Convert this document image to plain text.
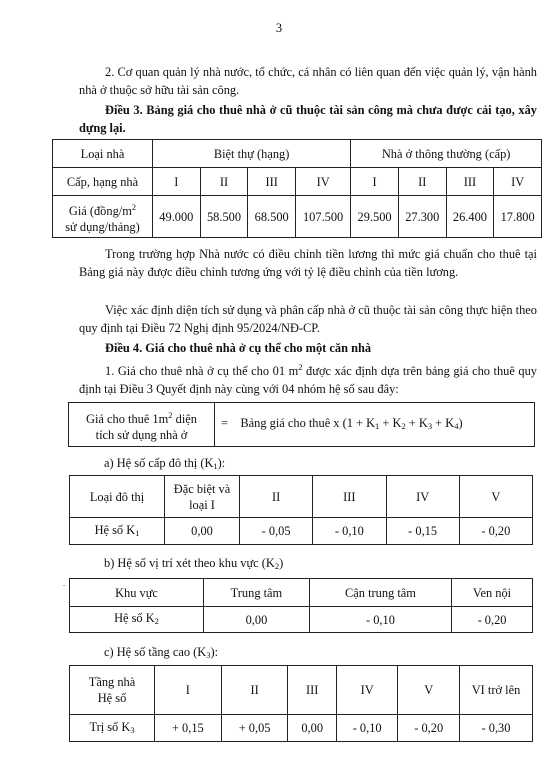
3

2. Cơ quan quản lý nhà nước, tổ chức, cá nhân có liên quan đến việc quản lý, vận hành nhà ở thuộc sở hữu tài sản công.

Điều 3. Bảng giá cho thuê nhà ở cũ thuộc tài sản công mà chưa được cải tạo, xây dựng lại.

Loại nhà	Biệt thự (hạng)				Nhà ở thông thường (cấp)			
Cấp, hạng nhà	I	II	III	IV	I	II	III	IV
Giá ($đồng/m^2$
sử dụng/tháng)	49.000	58.500	68.500	107.500	29.500	27.300	26.400	17.800

Trong trường hợp Nhà nước có điều chỉnh tiền lương thì mức giá chuẩn cho thuê tại Bảng giá này được điều chỉnh tương ứng với tỷ lệ điều chỉnh của tiền lương.

Việc xác định diện tích sử dụng và phân cấp nhà ở cũ thuộc tài sản công thực hiện theo quy định tại Điều 72 Nghị định 95/2024/NĐ-CP.

Điều 4. Giá cho thuê nhà ở cụ thể cho một căn nhà

1. Giá cho thuê nhà ở cụ thể cho 01 $m^2$ được xác định dựa trên bảng giá cho thuê quy định tại Điều 3 Quyết định này cùng với 04 nhóm hệ số sau đây:

Giá cho thuê $1m^2$ diện
tích sử dụng nhà ở	= Bảng giá cho thuê x $(1 + K_1 + K_2 + K_3 + K_4)$

a) Hệ số cấp đô thị $(K_1)$:

Loại đô thị	Đặc biệt và loại I	II	III	IV	V
Hệ số $K_1$	0,00	- 0,05	- 0,10	- 0,15	- 0,20

b) Hệ số vị trí xét theo khu vực $(K_2)$

.
Khu vực	Trung tâm	Cận trung tâm	Ven nội
Hệ số $K_2$	0,00	- 0,10	- 0,20

c) Hệ số tầng cao $(K_3)$:

Tầng nhà
Hệ số	I	II	III	IV	V	VI trở lên
Trị số $K_3$	+ 0,15	+ 0,05	0,00	- 0,10	- 0,20	- 0,30
